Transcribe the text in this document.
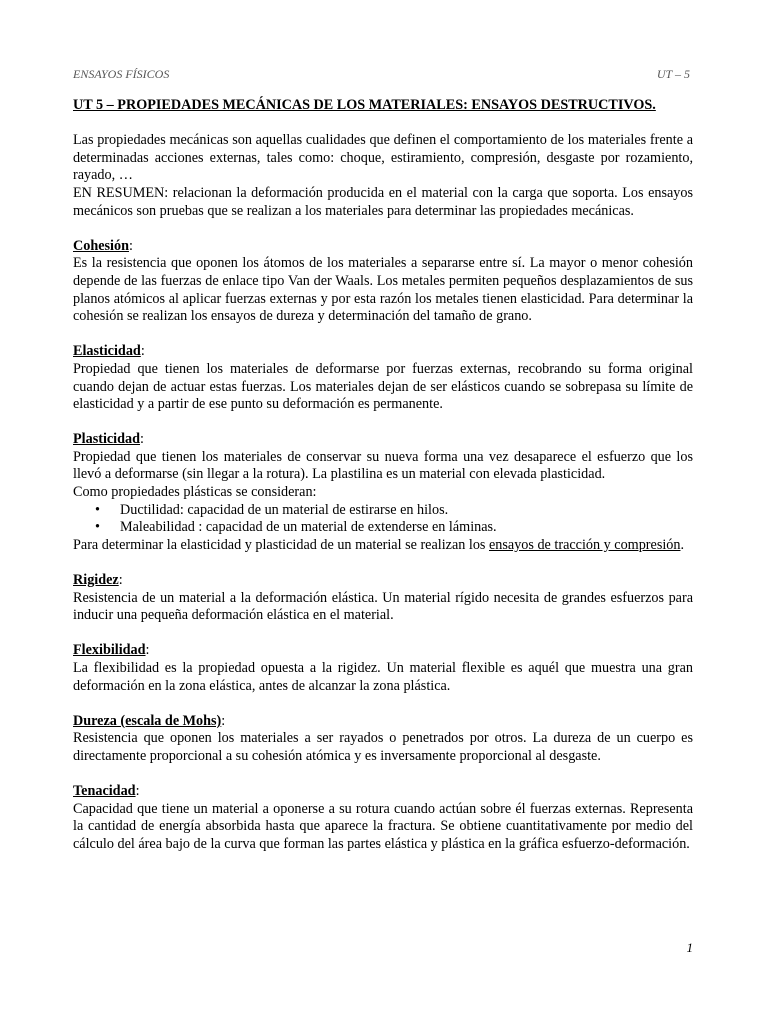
ENSAYOS FÍSICOS	UT – 5
UT 5 – PROPIEDADES MECÁNICAS DE LOS MATERIALES: ENSAYOS DESTRUCTIVOS.

Las propiedades mecánicas son aquellas cualidades que definen el comportamiento de los materiales frente a determinadas acciones externas, tales como: choque, estiramiento, compresión, desgaste por rozamiento, rayado, …

EN RESUMEN: relacionan la deformación producida en el material con la carga que soporta. Los ensayos mecánicos son pruebas que se realizan a los materiales para determinar las propiedades mecánicas.

Cohesión:

Es la resistencia que oponen los átomos de los materiales a separarse entre sí. La mayor o menor cohesión depende de las fuerzas de enlace tipo Van der Waals. Los metales permiten pequeños desplazamientos de sus planos atómicos al aplicar fuerzas externas y por esta razón los metales tienen elasticidad. Para determinar la cohesión se realizan los ensayos de dureza y determinación del tamaño de grano.

Elasticidad:

Propiedad que tienen los materiales de deformarse por fuerzas externas, recobrando su forma original cuando dejan de actuar estas fuerzas. Los materiales dejan de ser elásticos cuando se sobrepasa su límite de elasticidad y a partir de ese punto su deformación es permanente.

Plasticidad:

Propiedad que tienen los materiales de conservar su nueva forma una vez desaparece el esfuerzo que los llevó a deformarse (sin llegar a la rotura). La plastilina es un material con elevada plasticidad.

Como propiedades plásticas se consideran:

• Ductilidad: capacidad de un material de estirarse en hilos.
• Maleabilidad : capacidad de un material de extenderse en láminas.

Para determinar la elasticidad y plasticidad de un material se realizan los ensayos de tracción y compresión.

Rigidez:

Resistencia de un material a la deformación elástica. Un material rígido necesita de grandes esfuerzos para inducir una pequeña deformación elástica en el material.

Flexibilidad:

La flexibilidad es la propiedad opuesta a la rigidez. Un material flexible es aquél que muestra una gran deformación en la zona elástica, antes de alcanzar la zona plástica.

Dureza (escala de Mohs):

Resistencia que oponen los materiales a ser rayados o penetrados por otros. La dureza de un cuerpo es directamente proporcional a su cohesión atómica y es inversamente proporcional al desgaste.

Tenacidad:

Capacidad que tiene un material a oponerse a su rotura cuando actúan sobre él fuerzas externas. Representa la cantidad de energía absorbida hasta que aparece la fractura. Se obtiene cuantitativamente por medio del cálculo del área bajo de la curva que forman las partes elástica y plástica en la gráfica esfuerzo-deformación.

1
